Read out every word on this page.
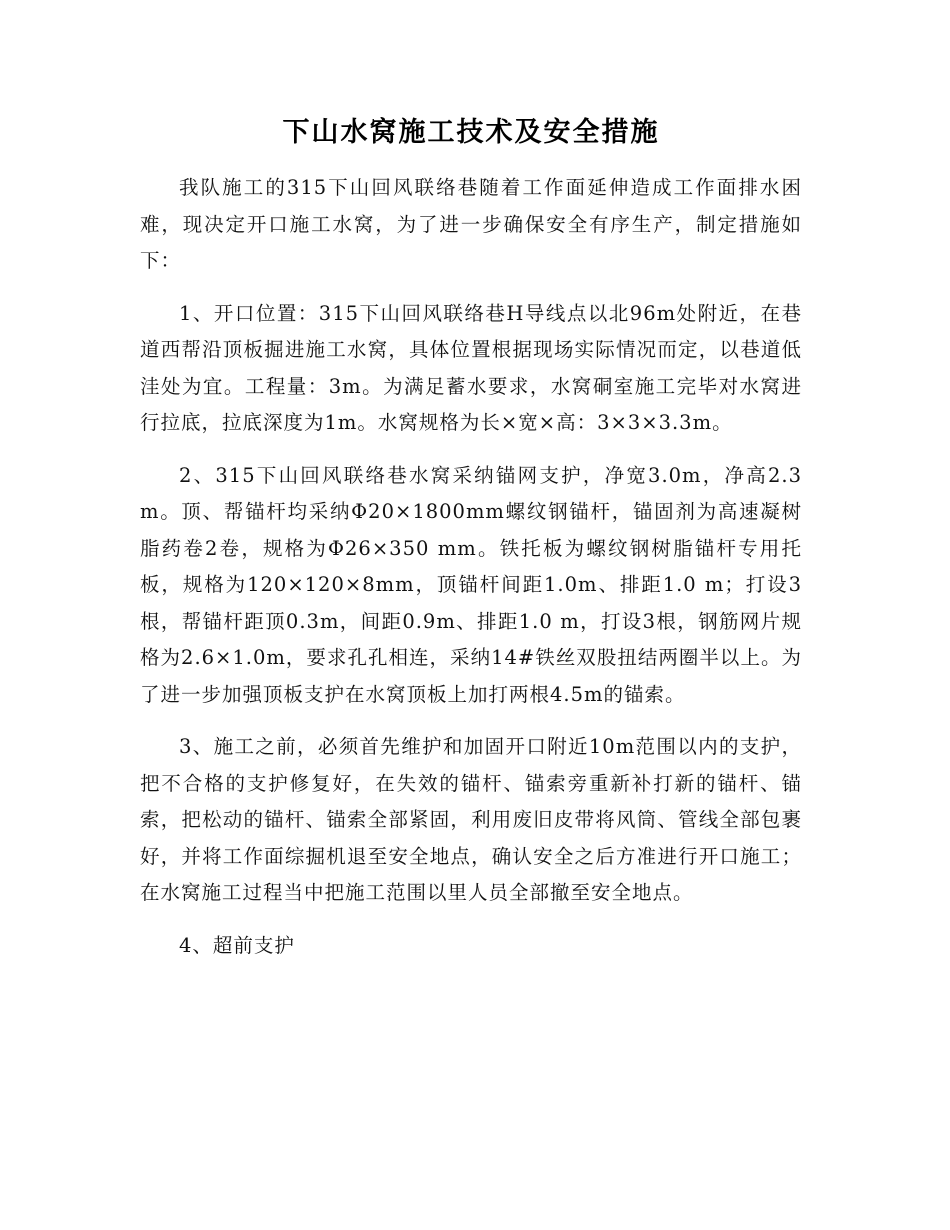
下山水窝施工技术及安全措施

我队施工的315下山回风联络巷随着工作面延伸造成工作面排水困难，现决定开口施工水窝，为了进一步确保安全有序生产，制定措施如下：

1、开口位置：315下山回风联络巷H导线点以北96m处附近，在巷道西帮沿顶板掘进施工水窝，具体位置根据现场实际情况而定，以巷道低洼处为宜。工程量：3m。为满足蓄水要求，水窝硐室施工完毕对水窝进行拉底，拉底深度为1m。水窝规格为长×宽×高：3×3×3.3m。

2、315下山回风联络巷水窝采纳锚网支护，净宽3.0m，净高2.3m。顶、帮锚杆均采纳Φ20×1800mm螺纹钢锚杆，锚固剂为高速凝树脂药卷2卷，规格为Φ26×350 mm。铁托板为螺纹钢树脂锚杆专用托板，规格为120×120×8mm，顶锚杆间距1.0m、排距1.0 m；打设3根，帮锚杆距顶0.3m，间距0.9m、排距1.0 m，打设3根，钢筋网片规格为2.6×1.0m，要求孔孔相连，采纳14#铁丝双股扭结两圈半以上。为了进一步加强顶板支护在水窝顶板上加打两根4.5m的锚索。

3、施工之前，必须首先维护和加固开口附近10m范围以内的支护，把不合格的支护修复好，在失效的锚杆、锚索旁重新补打新的锚杆、锚索，把松动的锚杆、锚索全部紧固，利用废旧皮带将风筒、管线全部包裹好，并将工作面综掘机退至安全地点，确认安全之后方准进行开口施工；在水窝施工过程当中把施工范围以里人员全部撤至安全地点。

4、超前支护
